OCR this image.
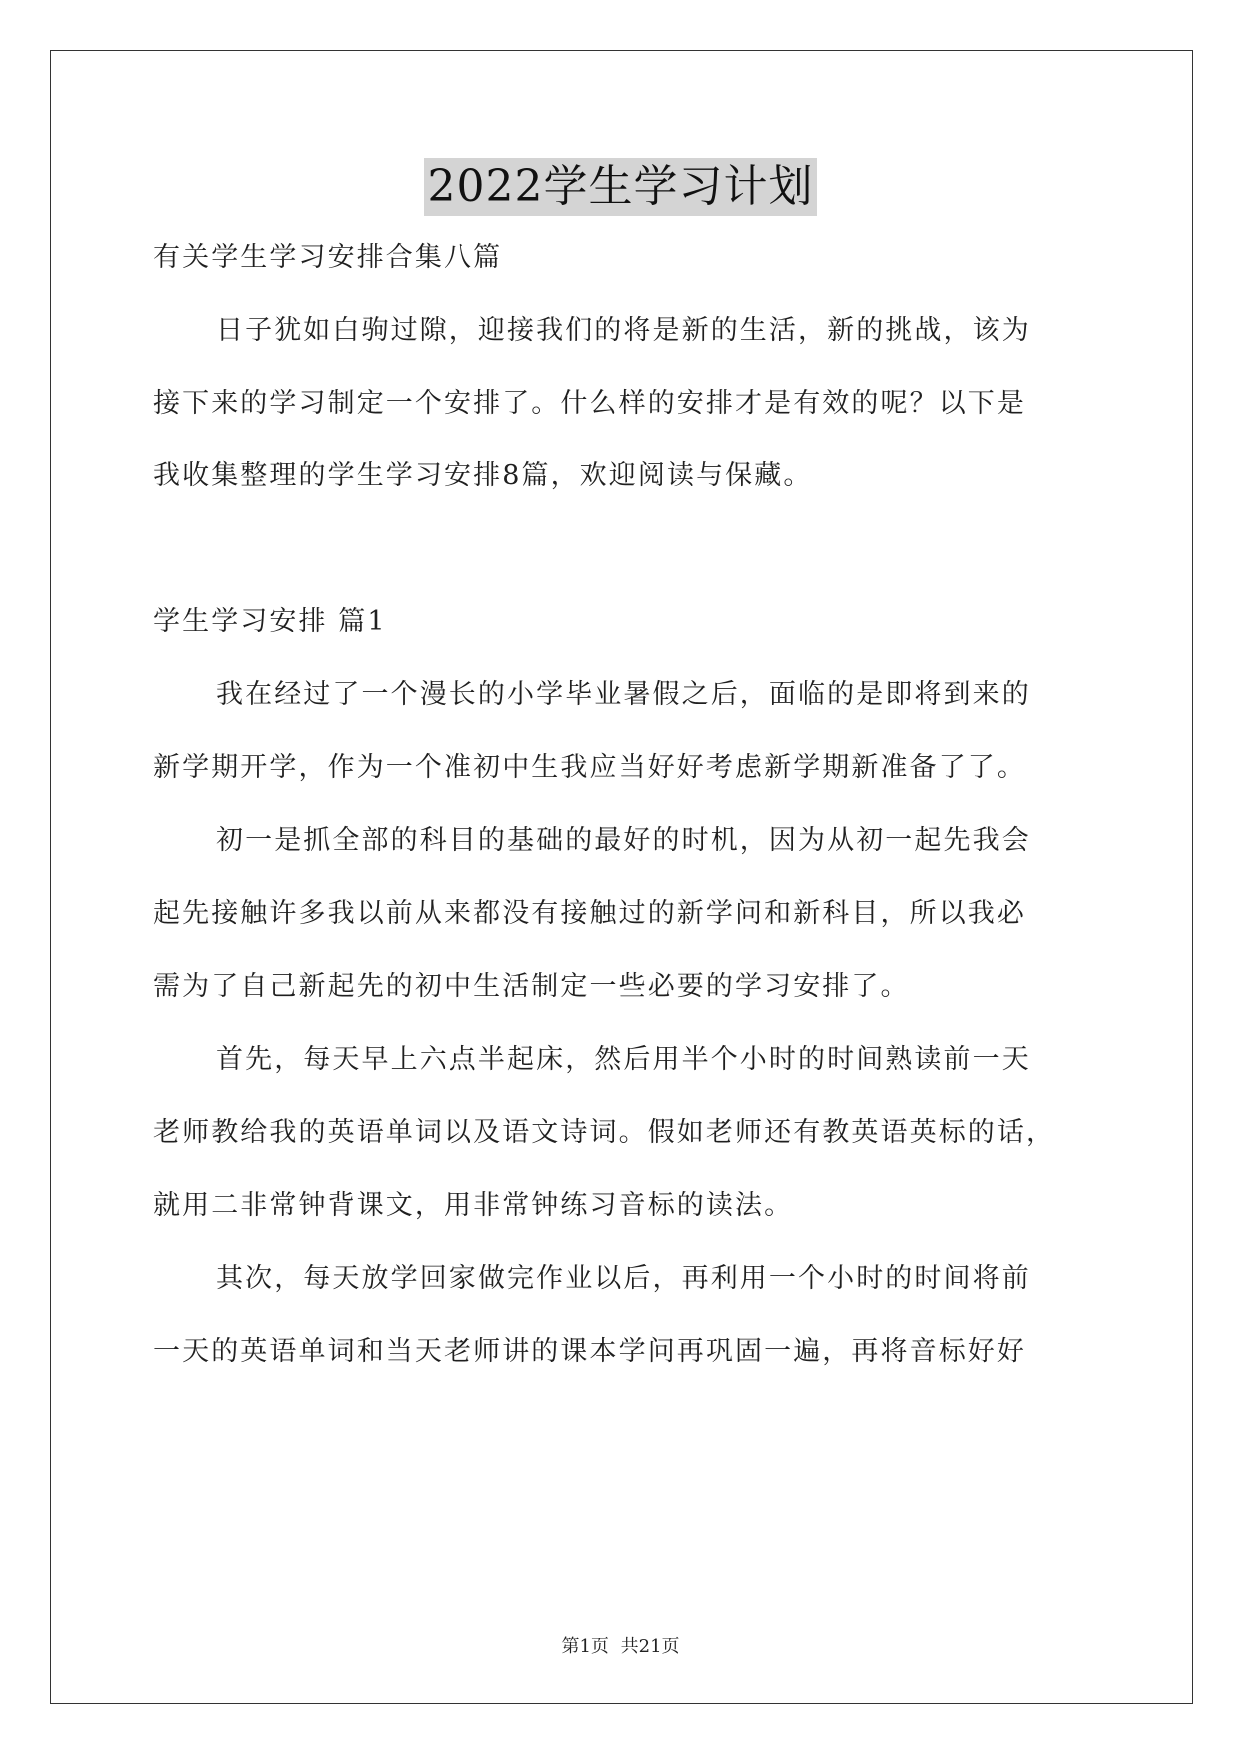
2022学生学习计划
有关学生学习安排合集八篇
日子犹如白驹过隙，迎接我们的将是新的生活，新的挑战，该为
接下来的学习制定一个安排了。什么样的安排才是有效的呢？以下是
我收集整理的学生学习安排8篇，欢迎阅读与保藏。
学生学习安排 篇1
我在经过了一个漫长的小学毕业暑假之后，面临的是即将到来的
新学期开学，作为一个准初中生我应当好好考虑新学期新准备了了。
初一是抓全部的科目的基础的最好的时机，因为从初一起先我会
起先接触许多我以前从来都没有接触过的新学问和新科目，所以我必
需为了自己新起先的初中生活制定一些必要的学习安排了。
首先，每天早上六点半起床，然后用半个小时的时间熟读前一天
老师教给我的英语单词以及语文诗词。假如老师还有教英语英标的话，
就用二非常钟背课文，用非常钟练习音标的读法。
其次，每天放学回家做完作业以后，再利用一个小时的时间将前
一天的英语单词和当天老师讲的课本学问再巩固一遍，再将音标好好
第1页 共21页
